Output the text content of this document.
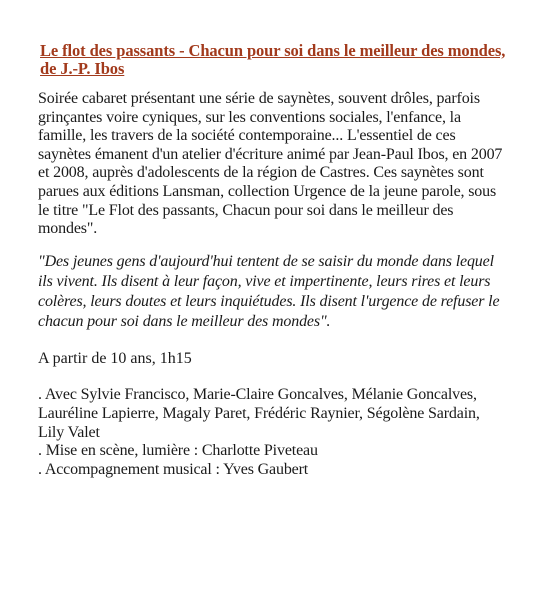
Le flot des passants - Chacun pour soi dans le meilleur des mondes, de J.-P. Ibos

Soirée cabaret présentant une série de saynètes, souvent drôles, parfois grinçantes voire cyniques, sur les conventions sociales, l'enfance, la famille, les travers de la société contemporaine... L'essentiel de ces saynètes émanent d'un atelier d'écriture animé par Jean-Paul Ibos, en 2007 et 2008, auprès d'adolescents de la région de Castres. Ces saynètes sont parues aux éditions Lansman, collection Urgence de la jeune parole, sous le titre "Le Flot des passants, Chacun pour soi dans le meilleur des mondes".

"Des jeunes gens d'aujourd'hui tentent de se saisir du monde dans lequel ils vivent. Ils disent à leur façon, vive et impertinente, leurs rires et leurs colères, leurs doutes et leurs inquiétudes. Ils disent l'urgence de refuser le chacun pour soi dans le meilleur des mondes".

A partir de 10 ans, 1h15

. Avec Sylvie Francisco, Marie-Claire Goncalves, Mélanie Goncalves, Lauréline Lapierre, Magaly Paret, Frédéric Raynier, Ségolène Sardain, Lily Valet
. Mise en scène, lumière : Charlotte Piveteau
. Accompagnement musical : Yves Gaubert
